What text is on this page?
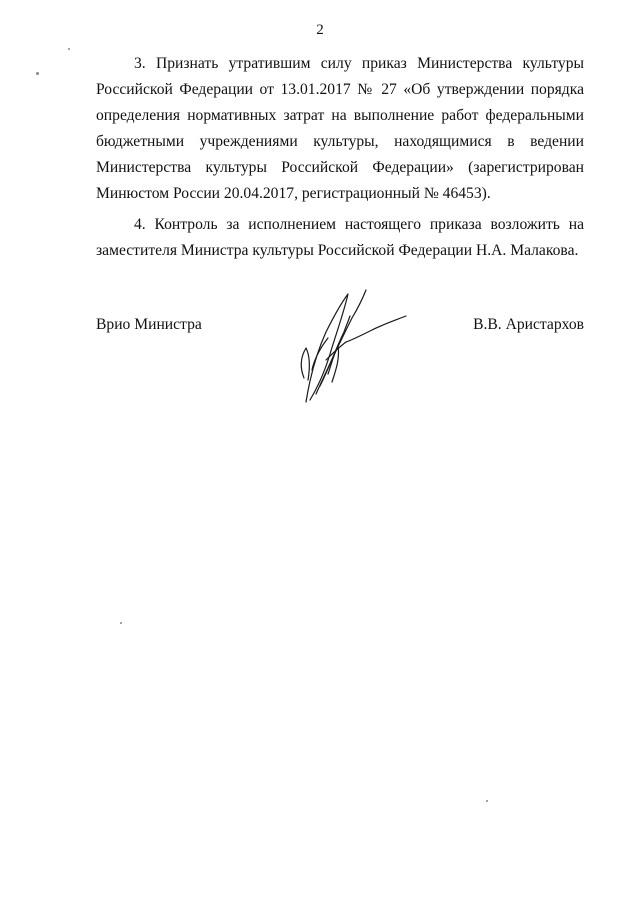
2

3. Признать утратившим силу приказ Министерства культуры Российской Федерации от 13.01.2017 № 27 «Об утверждении порядка определения нормативных затрат на выполнение работ федеральными бюджетными учреждениями культуры, находящимися в ведении Министерства культуры Российской Федерации» (зарегистрирован Минюстом России 20.04.2017, регистрационный № 46453).

4. Контроль за исполнением настоящего приказа возложить на заместителя Министра культуры Российской Федерации Н.А. Малакова.

Врио Министра	В.В. Аристархов
